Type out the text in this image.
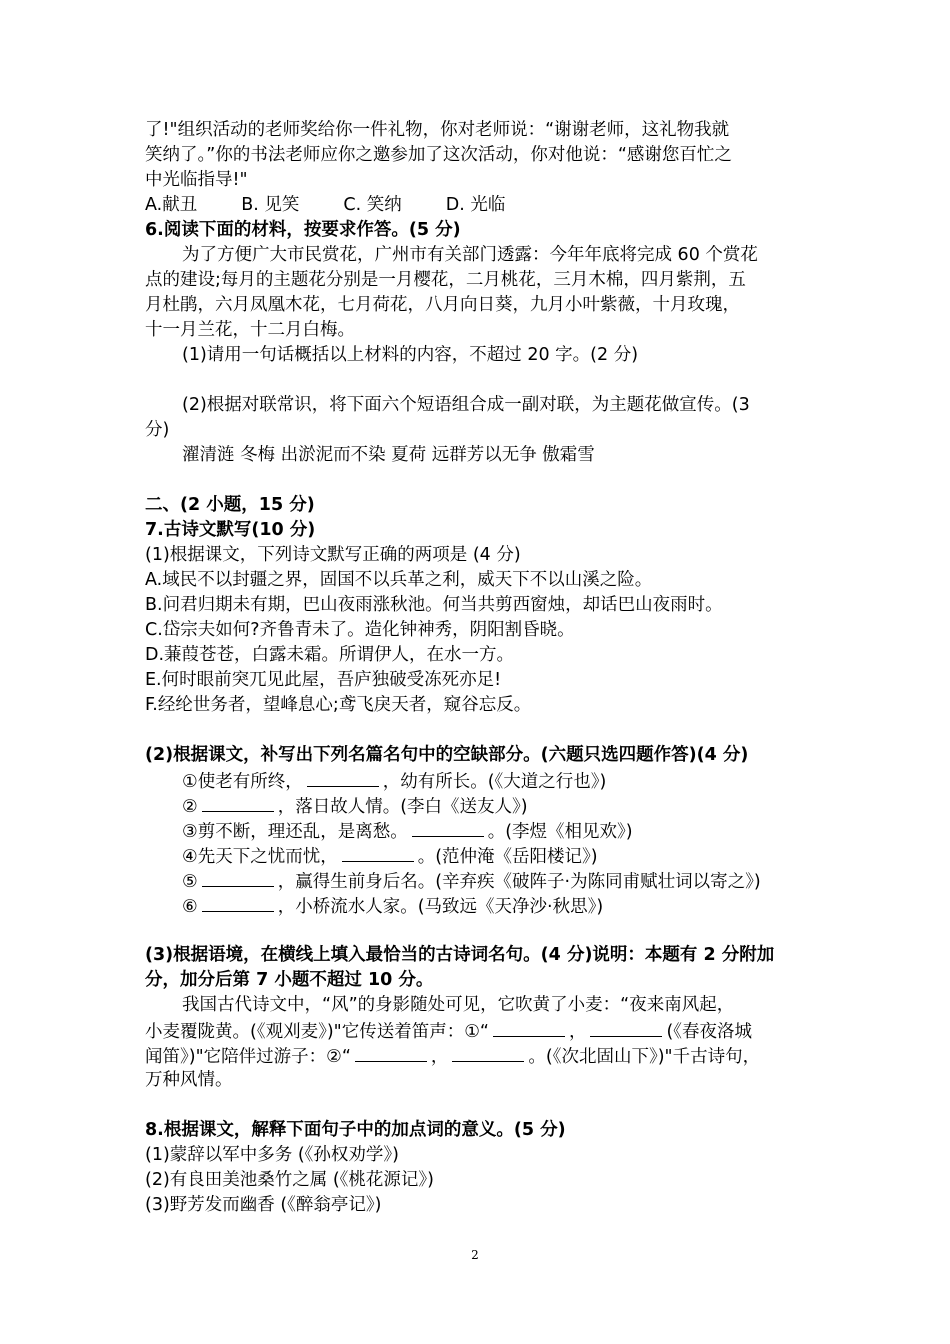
了!"组织活动的老师奖给你一件礼物，你对老师说：“谢谢老师，这礼物我就
笑纳了。”你的书法老师应你之邀参加了这次活动，你对他说：“感谢您百忙之
中光临指导!"
A.献丑	B. 见笑	C. 笑纳	D. 光临
6.阅读下面的材料，按要求作答。(5 分)
为了方便广大市民赏花，广州市有关部门透露：今年年底将完成 60 个赏花
点的建设;每月的主题花分别是一月樱花，二月桃花，三月木棉，四月紫荆，五
月杜鹃，六月凤凰木花，七月荷花，八月向日葵，九月小叶紫薇，十月玫瑰，
十一月兰花，十二月白梅。
(1)请用一句话概括以上材料的内容，不超过 20 字。(2 分)
(2)根据对联常识，将下面六个短语组合成一副对联，为主题花做宣传。(3
分)
濯清涟 冬梅 出淤泥而不染 夏荷 远群芳以无争 傲霜雪
二、(2 小题，15 分)
7.古诗文默写(10 分)
(1)根据课文，下列诗文默写正确的两项是 (4 分)
A.域民不以封疆之界，固国不以兵革之利，威天下不以山溪之险。
B.问君归期未有期，巴山夜雨涨秋池。何当共剪西窗烛，却话巴山夜雨时。
C.岱宗夫如何?齐鲁青未了。造化钟神秀，阴阳割昏晓。
D.蒹葭苍苍，白露未霜。所谓伊人，在水一方。
E.何时眼前突兀见此屋，吾庐独破受冻死亦足!
F.经纶世务者，望峰息心;鸢飞戾天者，窥谷忘反。
(2)根据课文，补写出下列名篇名句中的空缺部分。(六题只选四题作答)(4 分)
①使老有所终，	，幼有所长。(《大道之行也》)
②	，落日故人情。(李白《送友人》)
③剪不断，理还乱，是离愁。	。(李煜《相见欢》)
④先天下之忧而忧，	。(范仲淹《岳阳楼记》)
⑤	，赢得生前身后名。(辛弃疾《破阵子·为陈同甫赋壮词以寄之》)
⑥	，小桥流水人家。(马致远《天净沙·秋思》)
(3)根据语境，在横线上填入最恰当的古诗词名句。(4 分)说明：本题有 2 分附加
分，加分后第 7 小题不超过 10 分。
我国古代诗文中，“风”的身影随处可见，它吹黄了小麦：“夜来南风起，
小麦覆陇黄。(《观刈麦》)"它传送着笛声：①“	，	(《春夜洛城
闻笛》)"它陪伴过游子：②“	，	。(《次北固山下》)"千古诗句，
万种风情。
8.根据课文，解释下面句子中的加点词的意义。(5 分)
(1)蒙辞以军中多务 (《孙权劝学》)
(2)有良田美池桑竹之属 (《桃花源记》)
(3)野芳发而幽香 (《醉翁亭记》)
2
